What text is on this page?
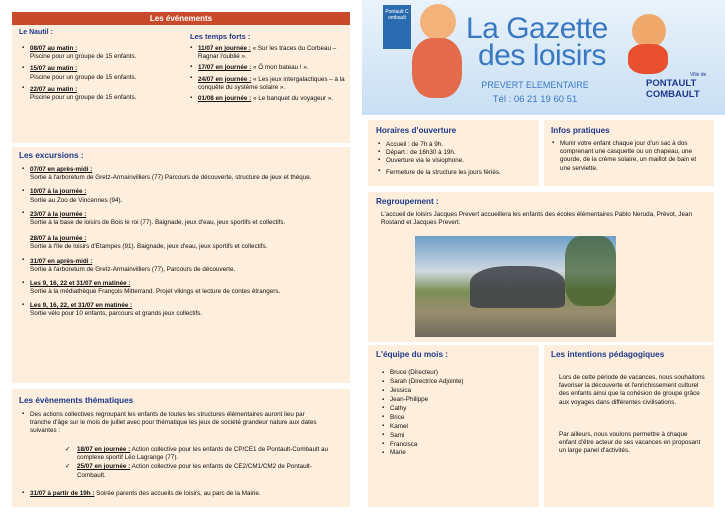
Les événements
Le Nautil :
▪ 08/07 au matin :
Piscine pour un groupe de 15 enfants.
▪ 15/07 au matin :
Piscine pour un groupe de 15 enfants.
▪ 22/07 au matin :
Piscine pour un groupe de 15 enfants.
Les temps forts :
▪ 11/07 en journée : « Sur les traces du Corbeau – Ragnar l'oublié ».
▪ 17/07 en journée : « Ô mon bateau ! ».
▪ 24/07 en journée : « Les jeux intergalactiques – à la conquête du système solaire ».
▪ 01/08 en journée : « Le banquet du voyageur ».
Les excursions :
▪ 07/07 en après-midi :
Sortie à l'arboretum de Gretz-Armainvilliers (77) Parcours de découverte, structure de jeux et théque.
▪ 10/07 à la journée :
Sortie au Zoo de Vincennes (94).
▪ 23/07 à la journée :
Sortie à la base de loisirs de Bois le roi (77). Baignade, jeux d'eau, jeux sportifs et collectifs.

28/07 à la journée :
Sortie à l'île de loisirs d'Etampes (91). Baignade, jeux d'eau, jeux sportifs et collectifs.
▪ 31/07 en après-midi :
Sortie à l'arboretum de Gretz-Armainvilliers (77), Parcours de découverte.
▪ Les 9, 16, 22 et 31/07 en matinée :
Sortie à la médiathèque François Mitterrand. Projet vikings et lecture de contes étrangers.
▪ Les 9, 16, 22, et 31/07 en matinée :
Sortie vélo pour 10 enfants, parcours et grands jeux collectifs.
Les évènements thématiques
▪ Des actions collectives regroupant les enfants de toutes les structures élémentaires auront lieu par tranche d'âge sur le mois de juillet avec pour thématique les jeux de société grandeur nature aux dates suivantes :
✓ 18/07 en journée : Action collective pour les enfants de CP/CE1 de Pontault-Combault au complexe sportif Léo Lagrange (77).
✓ 25/07 en journée : Action collective pour les enfants de CE2/CM1/CM2 de Pontault-Combault.
▪ 31/07 à partir de 19h : Soirée parents des accueils de loisirs, au parc de la Mairie.
Pontault Combault La Gazette
des loisirs
PREVERT ELEMENTAIRE
Tél : 06 21 19 60 51
Ville de
PONTAULT
COMBAULT
Horaires d'ouverture
▪ Accueil : de 7h à 9h.
▪ Départ : de 16h30 à 19h.
▪ Ouverture via le visiophone.
▪ Fermeture de la structure les jours fériés.
Infos pratiques
▪ Munir votre enfant chaque jour d'un sac à dos comprenant une casquette ou un chapeau, une gourde, de la crème solaire, un maillot de bain et une serviette.
Regroupement :
L'accueil de loisirs Jacques Prevert accueillera les enfants des écoles élémentaires Pablo Neruda, Prévot, Jean Rostand et Jacques Prevert.
L'équipe du mois :
▪ Bruce (Directeur)
▪ Sarah (Directrice Adjointe)
▪ Jessica
▪ Jean-Philippe
▪ Cathy
▪ Brice
▪ Kamel
▪ Sami
▪ Francisca
▪ Marie
Les intentions pédagogiques
Lors de cette période de vacances, nous souhaitons favoriser la découverte et l'enrichissement culturel des enfants ainsi que la cohésion de groupe grâce aux voyages dans différentes civilisations.
Par ailleurs, nous voulons permettre à chaque enfant d'être acteur de ses vacances en proposant un large panel d'activités.
